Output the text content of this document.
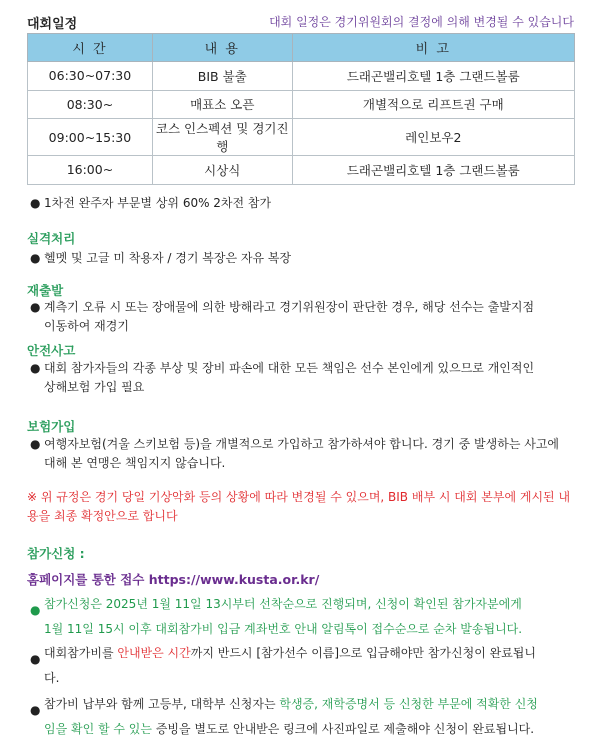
대회일정	대회 일정은 경기위원회의 결정에 의해 변경될 수 있습니다
시 간	내 용	비 고
06:30~07:30	BIB 불출	드래곤밸리호텔 1층 그랜드볼룸
08:30~	매표소 오픈	개별적으로 리프트권 구매
09:00~15:30	코스 인스펙션 및 경기진행	레인보우2
16:00~	시상식	드래곤밸리호텔 1층 그랜드볼룸
● 1차전 완주자 부문별 상위 60% 2차전 참가
실격처리
● 헬멧 및 고글 미 착용자 / 경기 복장은 자유 복장
재출발
● 계측기 오류 시 또는 장애물에 의한 방해라고 경기위원장이 판단한 경우, 해당 선수는 출발지점
이동하여 재경기
안전사고
● 대회 참가자들의 각종 부상 및 장비 파손에 대한 모든 책임은 선수 본인에게 있으므로 개인적인
상해보험 가입 필요
보험가입
● 여행자보험(겨울 스키보험 등)을 개별적으로 가입하고 참가하셔야 합니다. 경기 중 발생하는 사고에
대해 본 연맹은 책임지지 않습니다.
※ 위 규정은 경기 당일 기상악화 등의 상황에 따라 변경될 수 있으며, BIB 배부 시 대회 본부에 게시된 내
용을 최종 확정안으로 합니다
참가신청 :
홈페이지를 통한 접수 https://www.kusta.or.kr/
● 참가신청은 2025년 1월 11일 13시부터 선착순으로 진행되며, 신청이 확인된 참가자분에게
1월 11일 15시 이후 대회참가비 입금 계좌번호 안내 알림톡이 접수순으로 순차 발송됩니다.
● 대회참가비를 안내받은 시간까지 반드시 [참가선수 이름]으로 입금해야만 참가신청이 완료됩니
다.
● 참가비 납부와 함께 고등부, 대학부 신청자는 학생증, 재학증명서 등 신청한 부문에 적확한 신청
임을 확인 할 수 있는 증빙을 별도로 안내받은 링크에 사진파일로 제출해야 신청이 완료됩니다.
